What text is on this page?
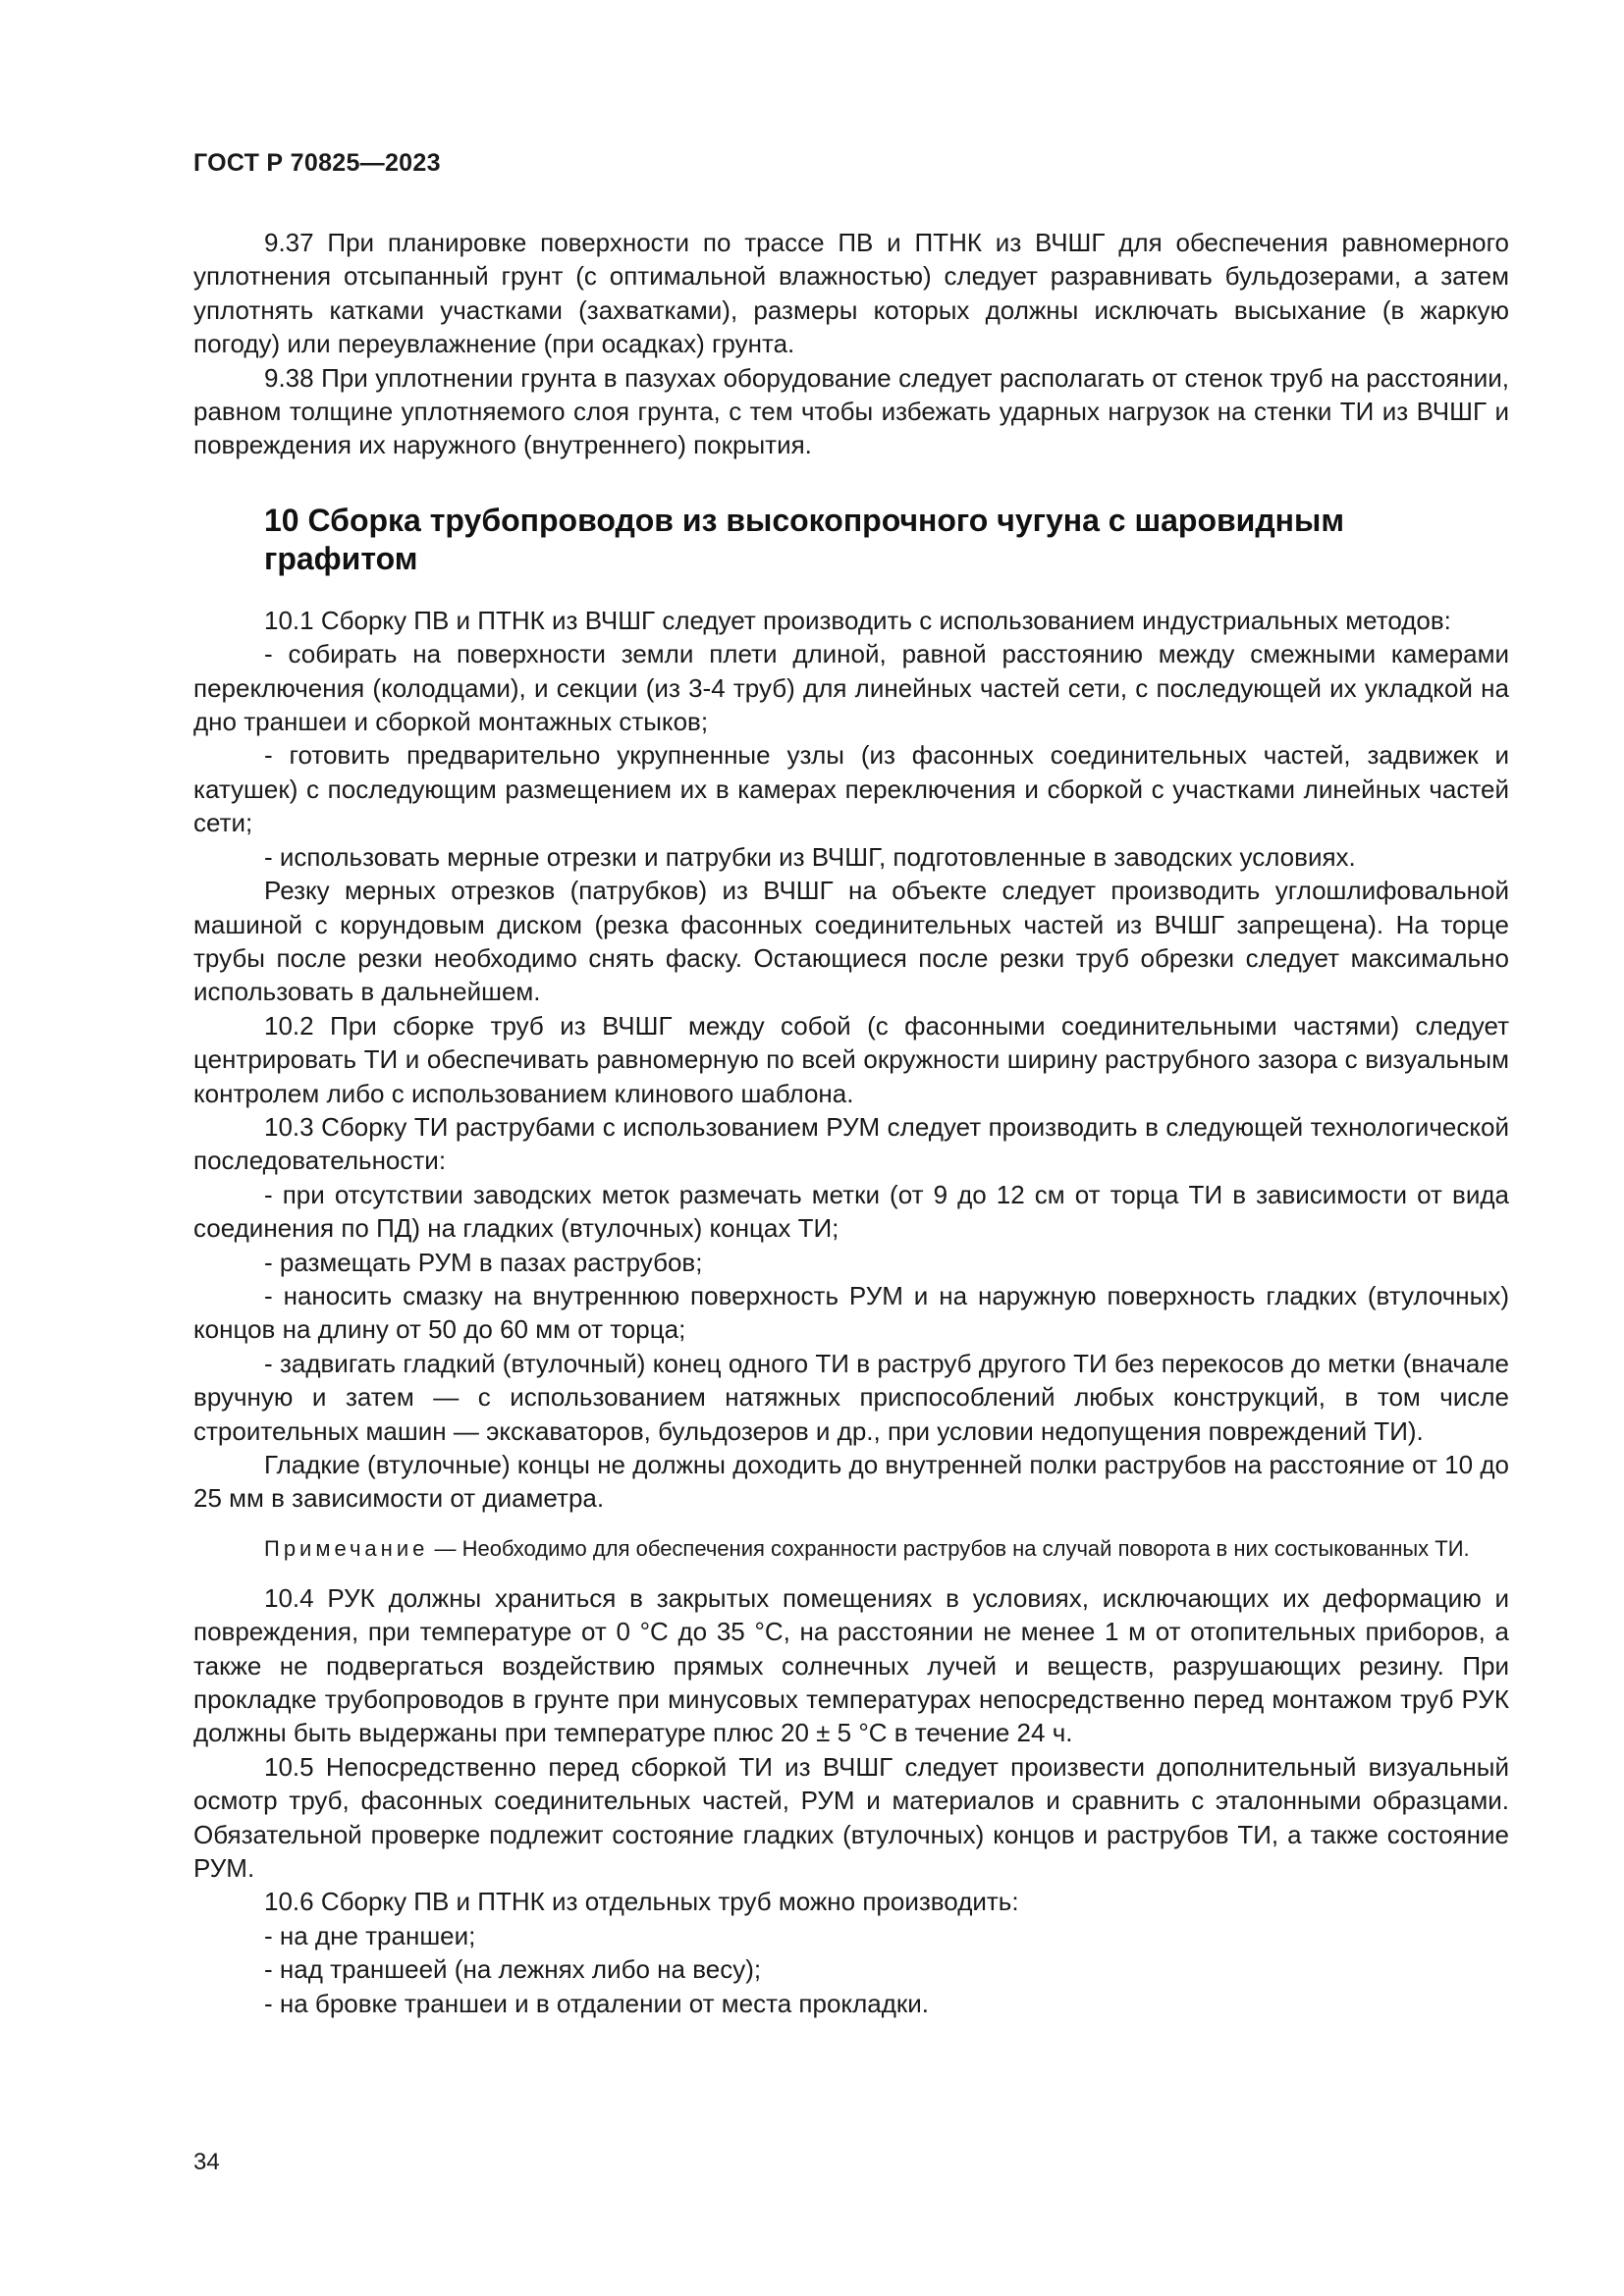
ГОСТ Р 70825—2023

9.37 При планировке поверхности по трассе ПВ и ПТНК из ВЧШГ для обеспечения равномерного уплотнения отсыпанный грунт (с оптимальной влажностью) следует разравнивать бульдозерами, а затем уплотнять катками участками (захватками), размеры которых должны исключать высыхание (в жаркую погоду) или переувлажнение (при осадках) грунта.

9.38 При уплотнении грунта в пазухах оборудование следует располагать от стенок труб на расстоянии, равном толщине уплотняемого слоя грунта, с тем чтобы избежать ударных нагрузок на стенки ТИ из ВЧШГ и повреждения их наружного (внутреннего) покрытия.

10 Сборка трубопроводов из высокопрочного чугуна с шаровидным
графитом

10.1 Сборку ПВ и ПТНК из ВЧШГ следует производить с использованием индустриальных методов:

- собирать на поверхности земли плети длиной, равной расстоянию между смежными камерами переключения (колодцами), и секции (из 3-4 труб) для линейных частей сети, с последующей их укладкой на дно траншеи и сборкой монтажных стыков;

- готовить предварительно укрупненные узлы (из фасонных соединительных частей, задвижек и катушек) с последующим размещением их в камерах переключения и сборкой с участками линейных частей сети;

- использовать мерные отрезки и патрубки из ВЧШГ, подготовленные в заводских условиях.

Резку мерных отрезков (патрубков) из ВЧШГ на объекте следует производить углошлифовальной машиной с корундовым диском (резка фасонных соединительных частей из ВЧШГ запрещена). На торце трубы после резки необходимо снять фаску. Остающиеся после резки труб обрезки следует максимально использовать в дальнейшем.

10.2 При сборке труб из ВЧШГ между собой (с фасонными соединительными частями) следует центрировать ТИ и обеспечивать равномерную по всей окружности ширину раструбного зазора с визуальным контролем либо с использованием клинового шаблона.

10.3 Сборку ТИ раструбами с использованием РУМ следует производить в следующей технологической последовательности:

- при отсутствии заводских меток размечать метки (от 9 до 12 см от торца ТИ в зависимости от вида соединения по ПД) на гладких (втулочных) концах ТИ;

- размещать РУМ в пазах раструбов;

- наносить смазку на внутреннюю поверхность РУМ и на наружную поверхность гладких (втулочных) концов на длину от 50 до 60 мм от торца;

- задвигать гладкий (втулочный) конец одного ТИ в раструб другого ТИ без перекосов до метки (вначале вручную и затем — с использованием натяжных приспособлений любых конструкций, в том числе строительных машин — экскаваторов, бульдозеров и др., при условии недопущения повреждений ТИ).

Гладкие (втулочные) концы не должны доходить до внутренней полки раструбов на расстояние от 10 до 25 мм в зависимости от диаметра.

Примечание — Необходимо для обеспечения сохранности раструбов на случай поворота в них состыкованных ТИ.

10.4 РУК должны храниться в закрытых помещениях в условиях, исключающих их деформацию и повреждения, при температуре от 0 °С до 35 °С, на расстоянии не менее 1 м от отопительных приборов, а также не подвергаться воздействию прямых солнечных лучей и веществ, разрушающих резину. При прокладке трубопроводов в грунте при минусовых температурах непосредственно перед монтажом труб РУК должны быть выдержаны при температуре плюс 20 ± 5 °С в течение 24 ч.

10.5 Непосредственно перед сборкой ТИ из ВЧШГ следует произвести дополнительный визуальный осмотр труб, фасонных соединительных частей, РУМ и материалов и сравнить с эталонными образцами. Обязательной проверке подлежит состояние гладких (втулочных) концов и раструбов ТИ, а также состояние РУМ.

10.6 Сборку ПВ и ПТНК из отдельных труб можно производить:

- на дне траншеи;

- над траншеей (на лежнях либо на весу);

- на бровке траншеи и в отдалении от места прокладки.

34
